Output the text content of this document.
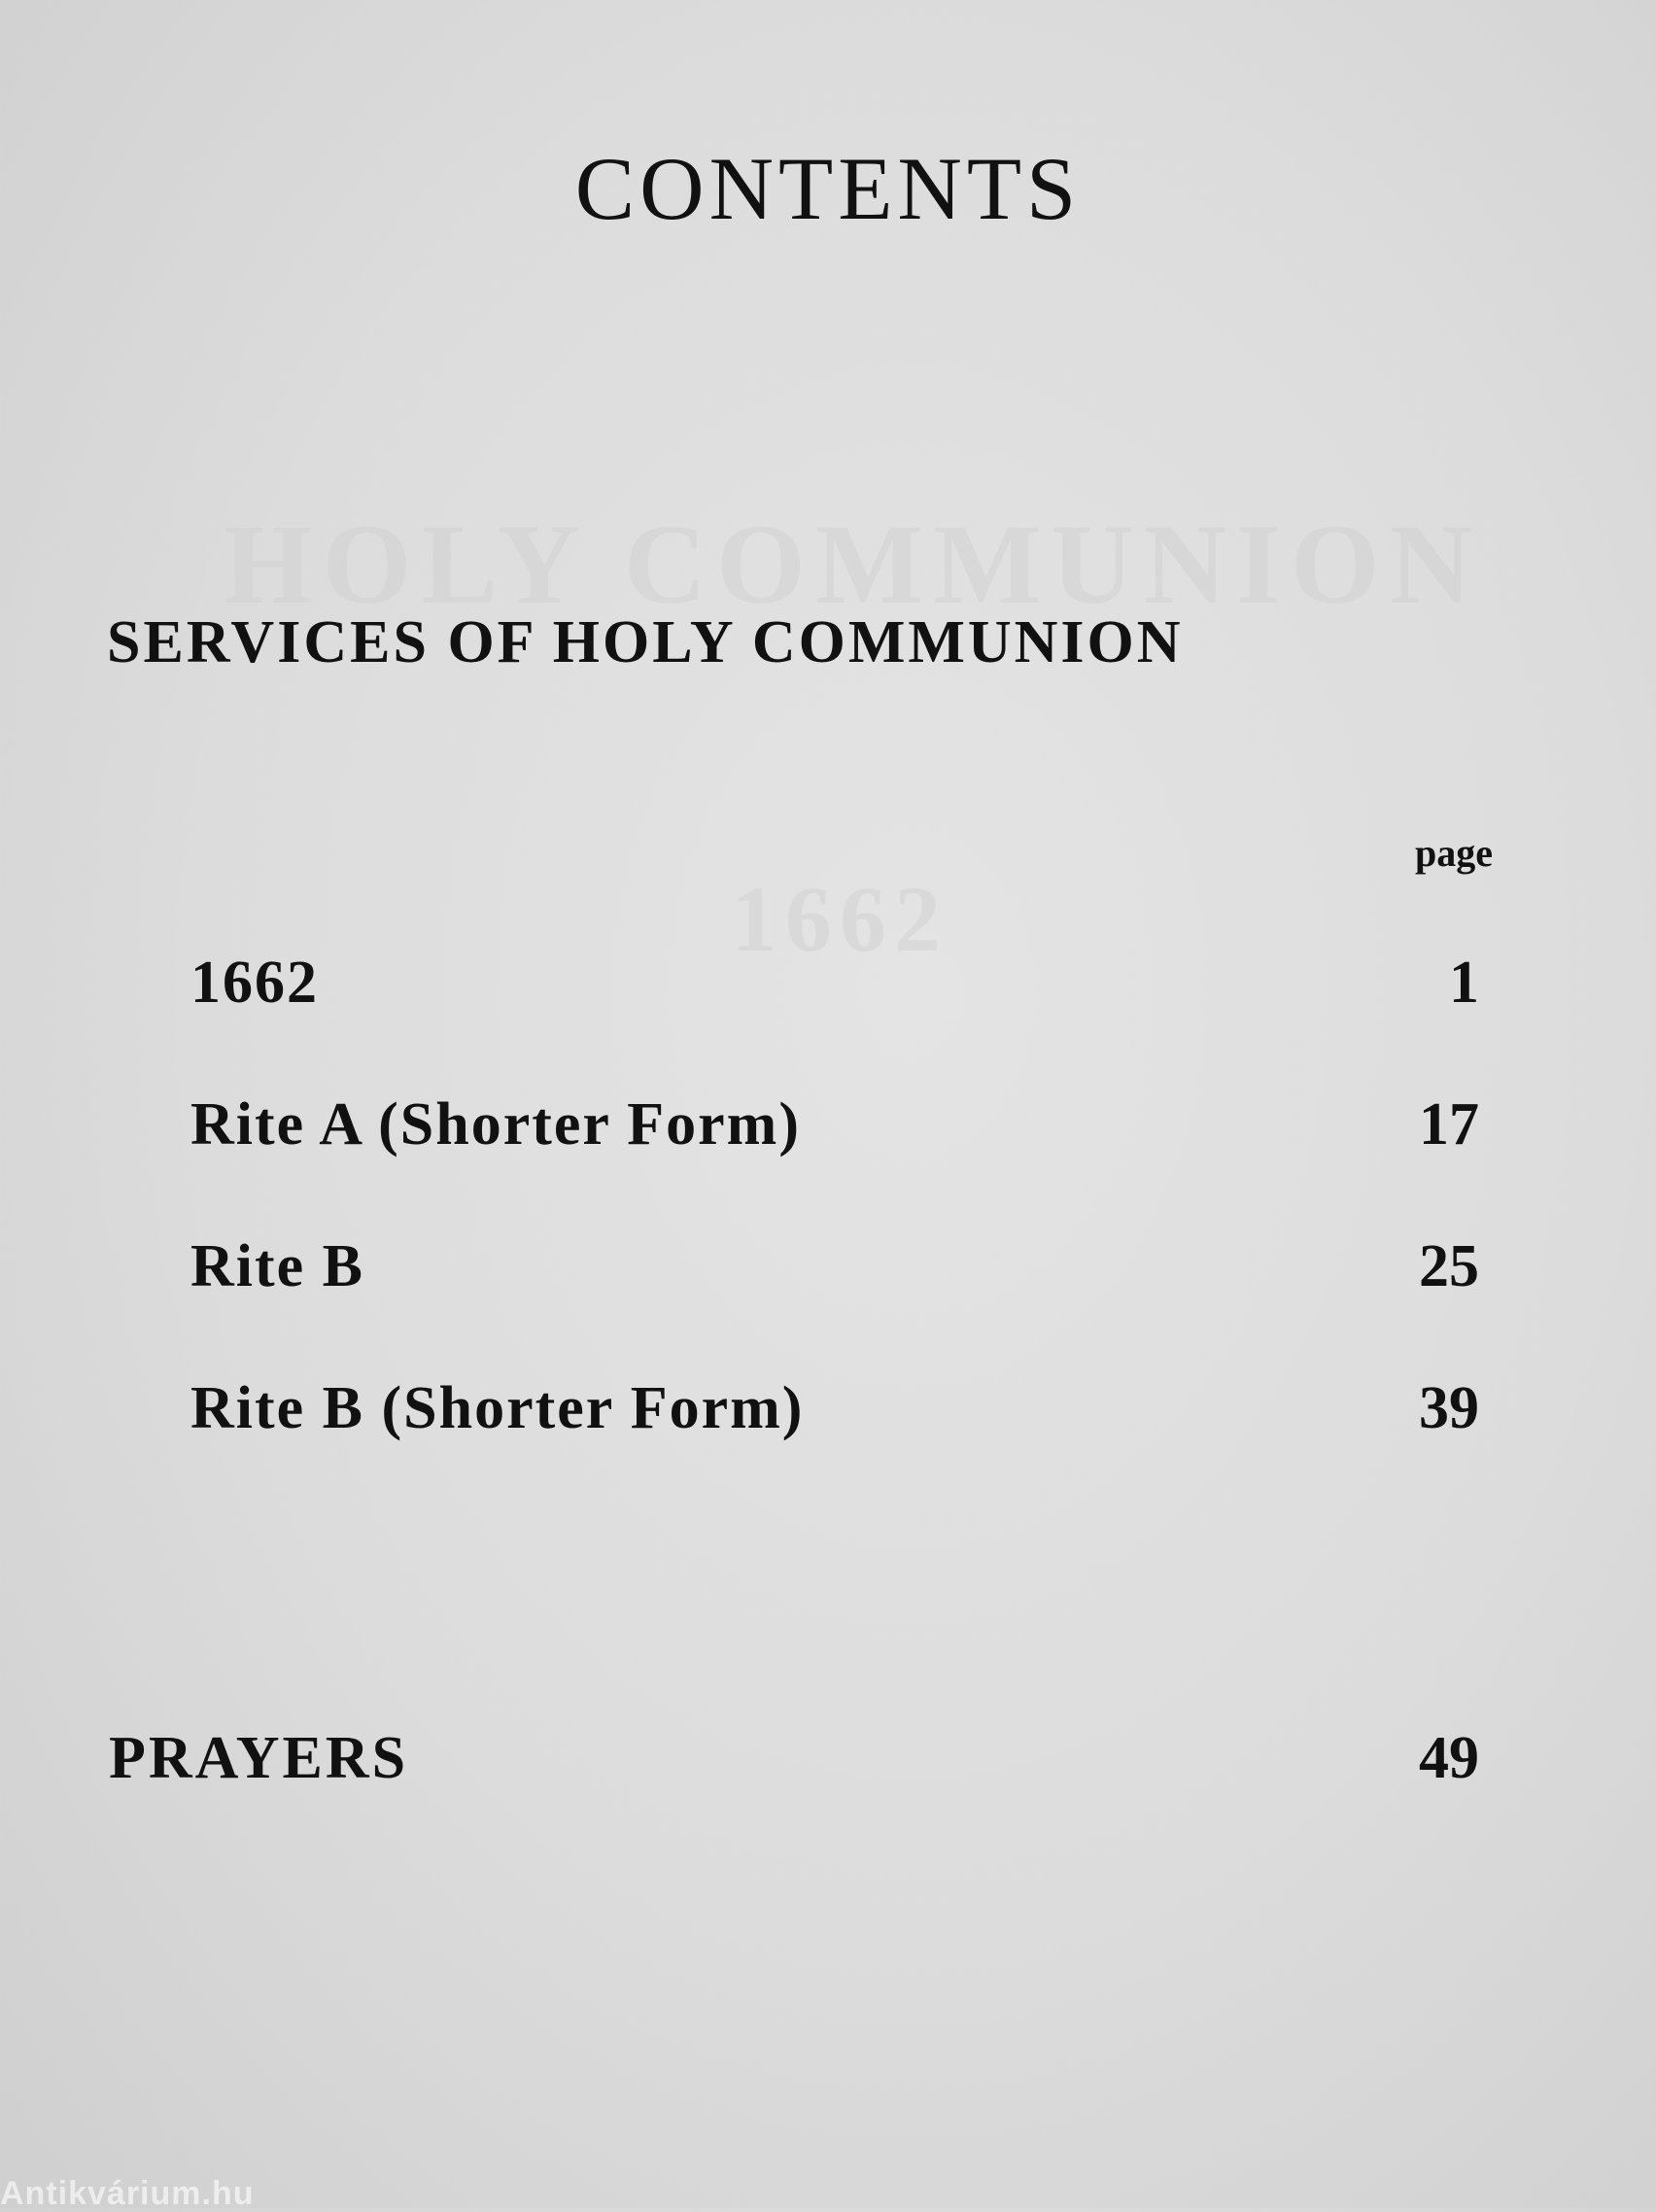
HOLY COMMUNION
1662
CONTENTS
SERVICES OF HOLY COMMUNION
page
1662	1
Rite A (Shorter Form)	17
Rite B	25
Rite B (Shorter Form)	39
PRAYERS	49
Antikvárium.hu
